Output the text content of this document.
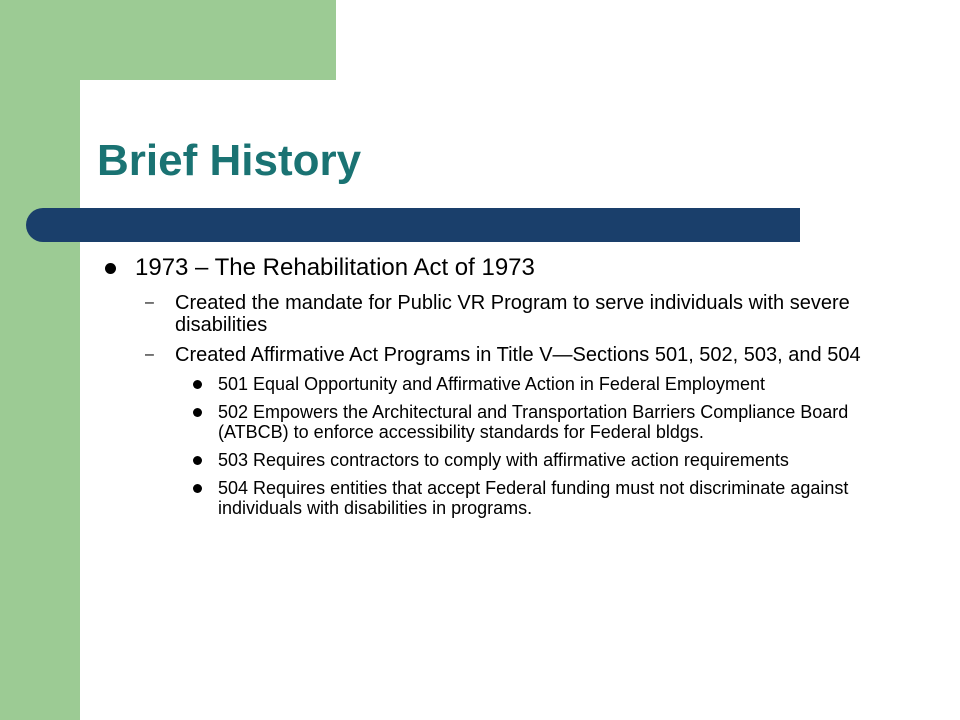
Brief History
1973 – The Rehabilitation Act of 1973
– Created the mandate for Public VR Program to serve individuals with severe disabilities
– Created Affirmative Act Programs in Title V—Sections 501, 502, 503, and 504
501 Equal Opportunity and Affirmative Action in Federal Employment
502 Empowers the Architectural and Transportation Barriers Compliance Board (ATBCB) to enforce accessibility standards for Federal bldgs.
503 Requires contractors to comply with affirmative action requirements
504 Requires entities that accept Federal funding must not discriminate against individuals with disabilities in programs.
